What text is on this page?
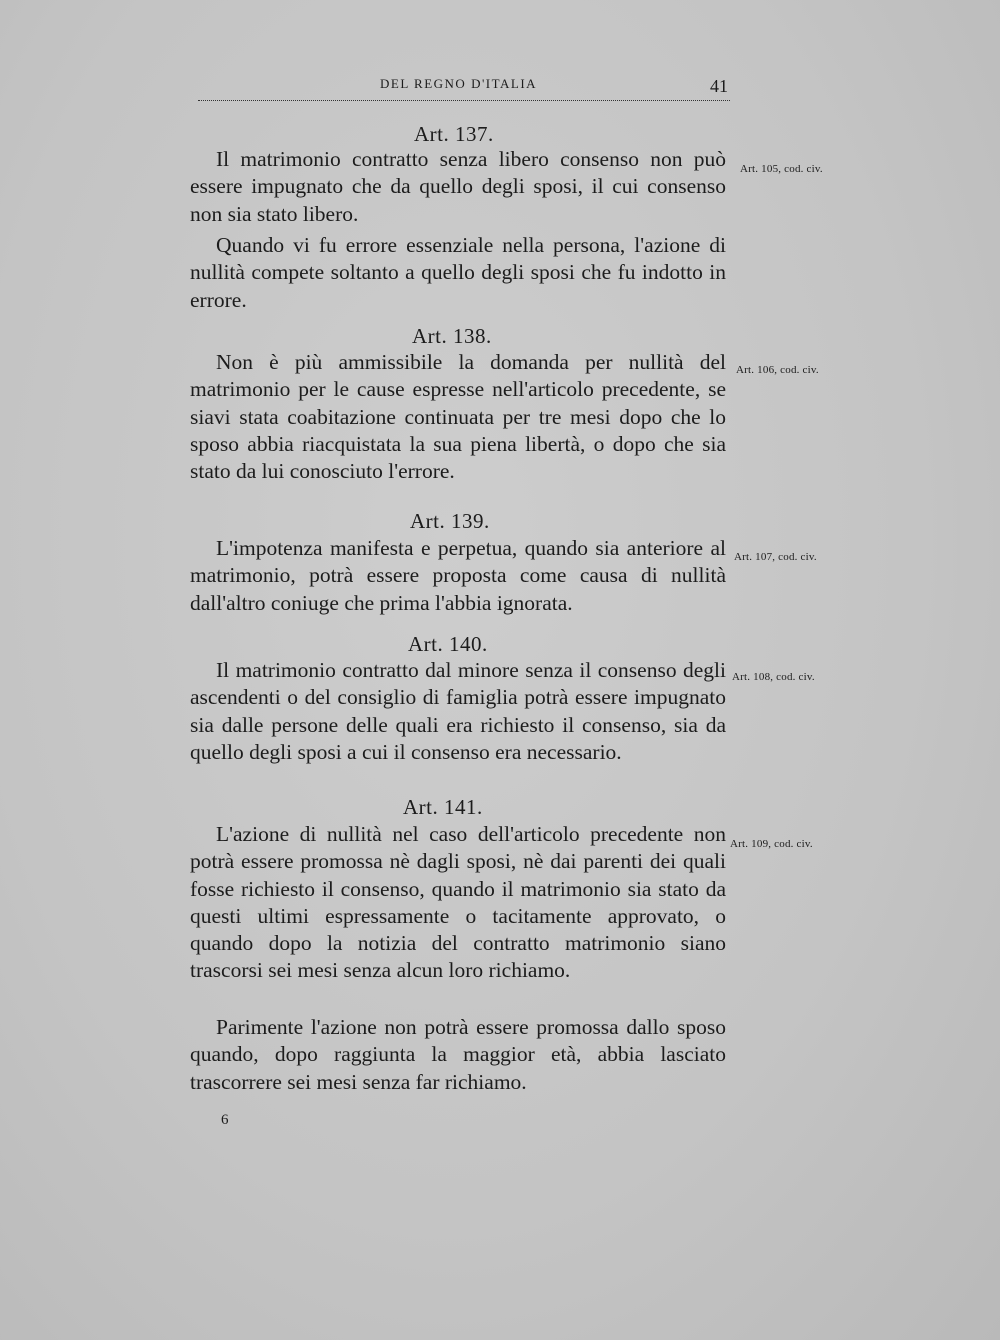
DEL REGNO D'ITALIA	41
Art. 137.

Il matrimonio contratto senza libero consenso non può essere impugnato che da quello degli sposi, il cui consenso non sia stato libero.

Quando vi fu errore essenziale nella persona, l'azione di nullità compete soltanto a quello degli sposi che fu indotto in errore.

Art. 105, cod. civ.
Art. 138.

Non è più ammissibile la domanda per nullità del matrimonio per le cause espresse nell'articolo precedente, se siavi stata coabitazione continuata per tre mesi dopo che lo sposo abbia riacquistata la sua piena libertà, o dopo che sia stato da lui conosciuto l'errore.

Art. 106, cod. civ.
Art. 139.

L'impotenza manifesta e perpetua, quando sia anteriore al matrimonio, potrà essere proposta come causa di nullità dall'altro coniuge che prima l'abbia ignorata.

Art. 107, cod. civ.
Art. 140.

Il matrimonio contratto dal minore senza il consenso degli ascendenti o del consiglio di famiglia potrà essere impugnato sia dalle persone delle quali era richiesto il consenso, sia da quello degli sposi a cui il consenso era necessario.

Art. 108, cod. civ.
Art. 141.

L'azione di nullità nel caso dell'articolo precedente non potrà essere promossa nè dagli sposi, nè dai parenti dei quali fosse richiesto il consenso, quando il matrimonio sia stato da questi ultimi espressamente o tacitamente approvato, o quando dopo la notizia del contratto matrimonio siano trascorsi sei mesi senza alcun loro richiamo.

Parimente l'azione non potrà essere promossa dallo sposo quando, dopo raggiunta la maggior età, abbia lasciato trascorrere sei mesi senza far richiamo.

Art. 109, cod. civ.
6
